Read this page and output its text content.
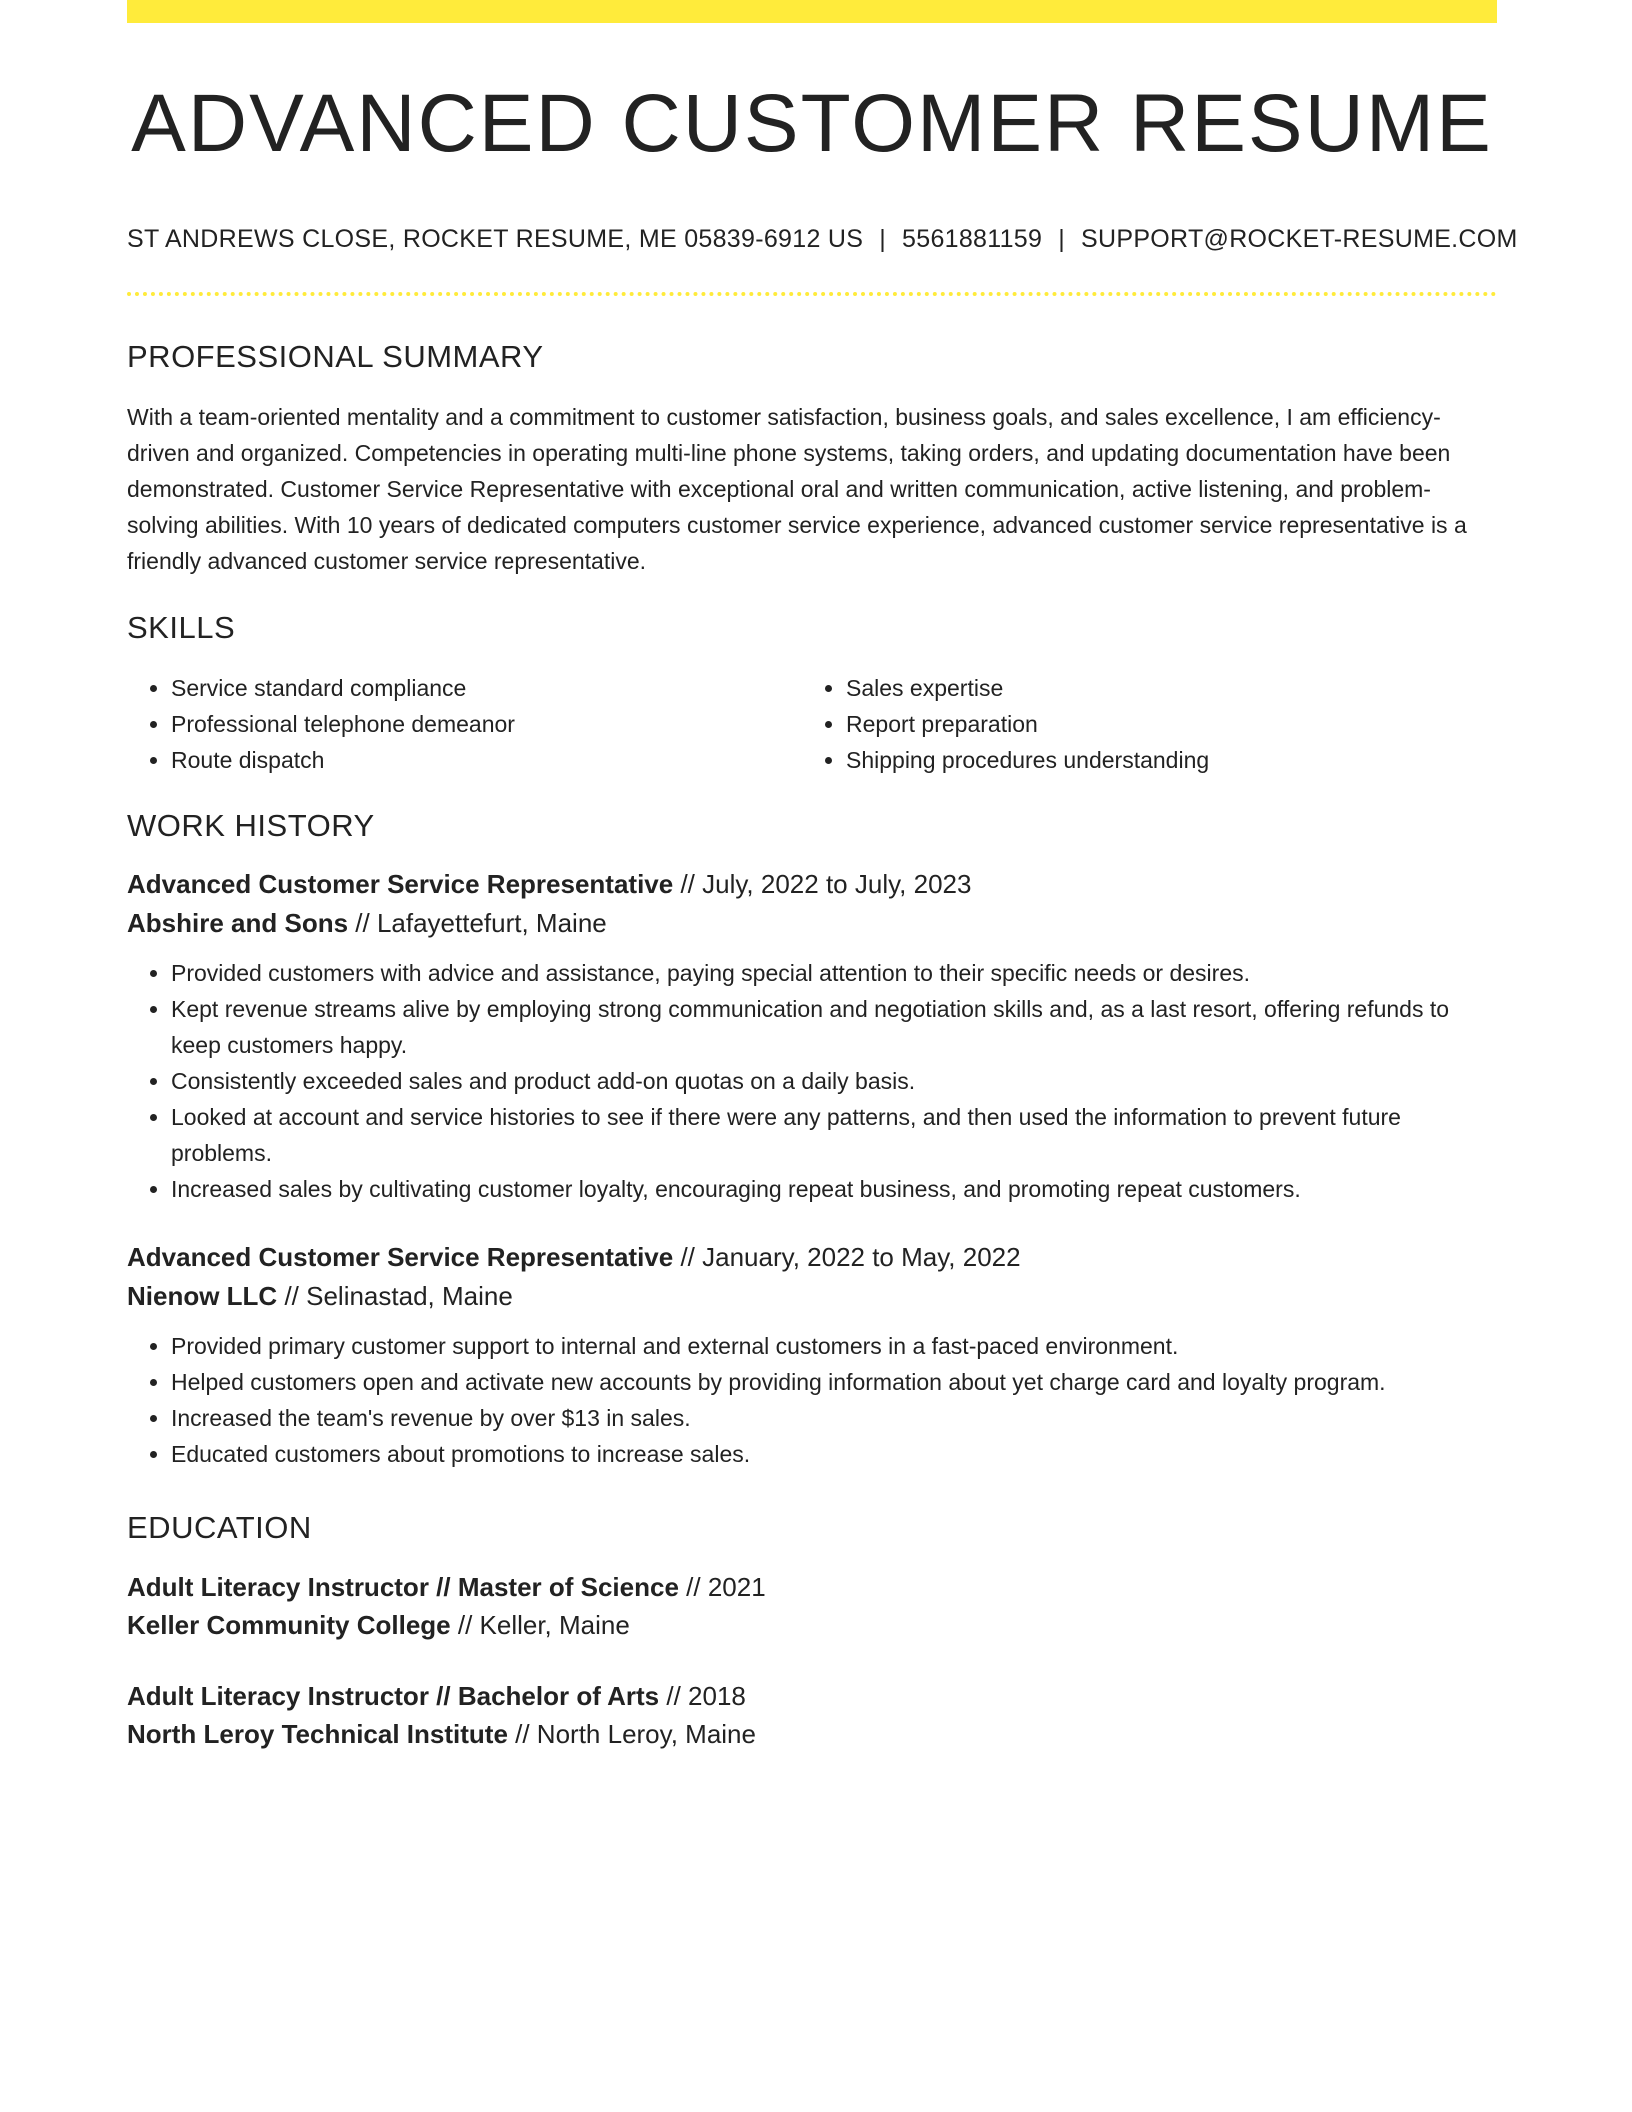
ADVANCED CUSTOMER RESUME
ST ANDREWS CLOSE, ROCKET RESUME, ME 05839-6912 US | 5561881159 | SUPPORT@ROCKET-RESUME.COM
PROFESSIONAL SUMMARY

With a team-oriented mentality and a commitment to customer satisfaction, business goals, and sales excellence, I am efficiency-driven and organized. Competencies in operating multi-line phone systems, taking orders, and updating documentation have been demonstrated. Customer Service Representative with exceptional oral and written communication, active listening, and problem-solving abilities. With 10 years of dedicated computers customer service experience, advanced customer service representative is a friendly advanced customer service representative.

SKILLS
• Service standard compliance
• Professional telephone demeanor
• Route dispatch
• Sales expertise
• Report preparation
• Shipping procedures understanding
WORK HISTORY
Advanced Customer Service Representative // July, 2022 to July, 2023
Abshire and Sons // Lafayettefurt, Maine
• Provided customers with advice and assistance, paying special attention to their specific needs or desires.
• Kept revenue streams alive by employing strong communication and negotiation skills and, as a last resort, offering refunds to keep customers happy.
• Consistently exceeded sales and product add-on quotas on a daily basis.
• Looked at account and service histories to see if there were any patterns, and then used the information to prevent future problems.
• Increased sales by cultivating customer loyalty, encouraging repeat business, and promoting repeat customers.
Advanced Customer Service Representative // January, 2022 to May, 2022
Nienow LLC // Selinastad, Maine
• Provided primary customer support to internal and external customers in a fast-paced environment.
• Helped customers open and activate new accounts by providing information about yet charge card and loyalty program.
• Increased the team's revenue by over $13 in sales.
• Educated customers about promotions to increase sales.
EDUCATION
Adult Literacy Instructor // Master of Science // 2021
Keller Community College // Keller, Maine
Adult Literacy Instructor // Bachelor of Arts // 2018
North Leroy Technical Institute // North Leroy, Maine
